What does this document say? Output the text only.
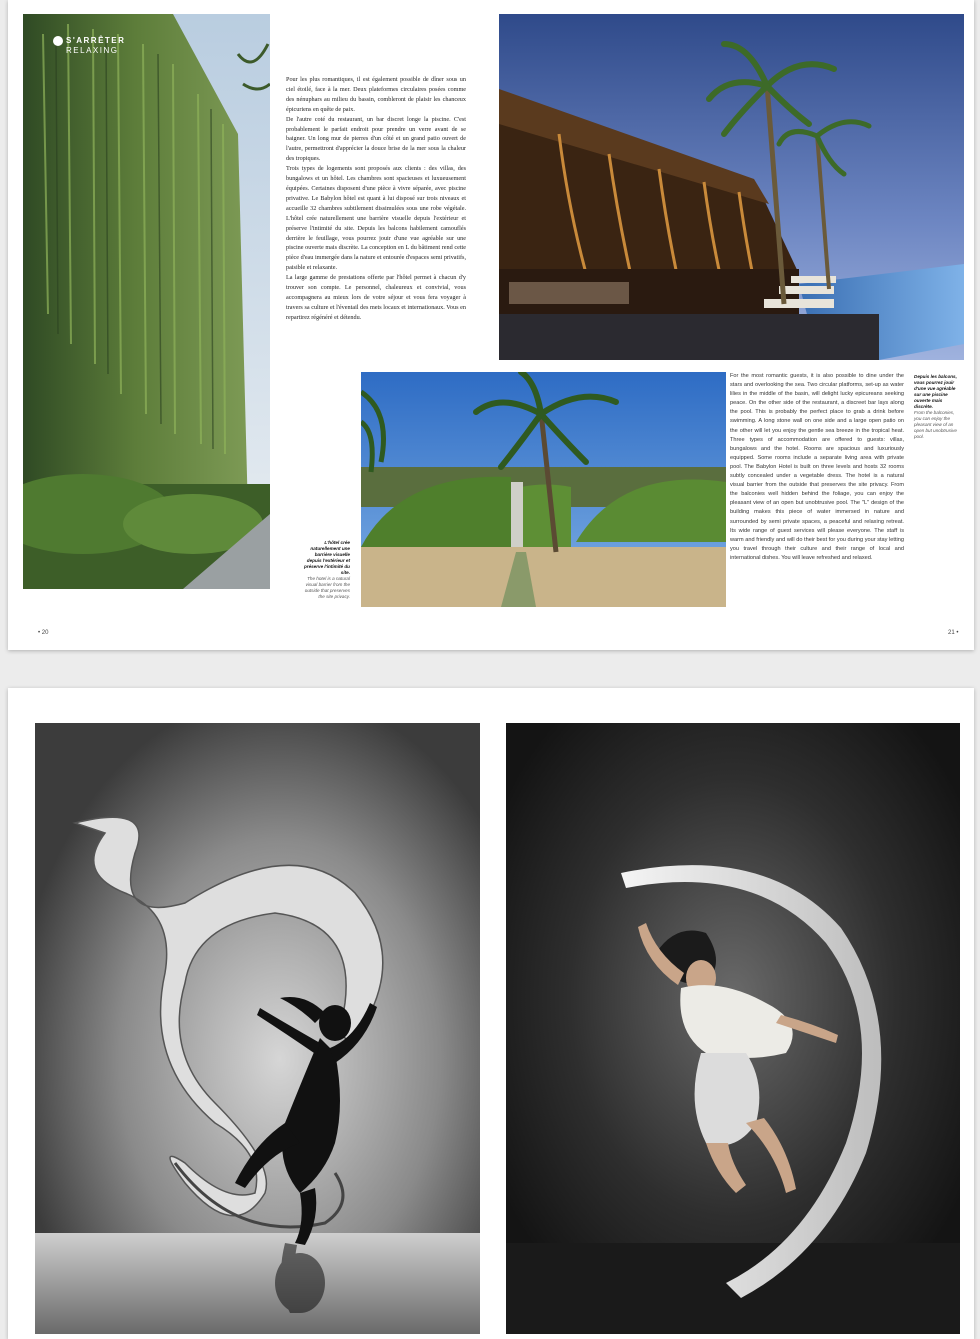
S'ARRÊTER
RELAXING

Pour les plus romantiques, il est également possible de dîner sous un ciel étoilé, face à la mer. Deux plateformes circulaires posées comme des nénuphars au milieu du bassin, combleront de plaisir les chanceux épicuriens en quête de paix.

De l'autre coté du restaurant, un bar discret longe la piscine. C'est probablement le parfait endroit pour prendre un verre avant de se baigner. Un long mur de pierres d'un côté et un grand patio ouvert de l'autre, permettront d'apprécier la douce brise de la mer sous la chaleur des tropiques.

Trois types de logements sont proposés aux clients : des villas, des bungalows et un hôtel. Les chambres sont spacieuses et luxueusement équipées. Certaines disposent d'une pièce à vivre séparée, avec piscine privative. Le Babylon hôtel est quant à lui disposé sur trois niveaux et accueille 32 chambres subtilement dissimulées sous une robe végétale. L'hôtel crée naturellement une barrière visuelle depuis l'extérieur et préserve l'intimité du site. Depuis les balcons habilement camouflés derrière le feuillage, vous pourrez jouir d'une vue agréable sur une piscine ouverte mais discrète. La conception en L du bâtiment rend cette pièce d'eau immergée dans la nature et entourée d'espaces semi privatifs, paisible et relaxante.

La large gamme de prestations offerte par l'hôtel permet à chacun d'y trouver son compte. Le personnel, chaleureux et convivial, vous accompagnera au mieux lors de votre séjour et vous fera voyager à travers sa culture et l'éventail des mets locaux et internationaux. Vous en repartirez régénéré et détendu.

L'hôtel crée naturellement une barrière visuelle depuis l'extérieur et préserve l'intimité du site.
The hotel is a natural visual barrier from the outside that preserves the site privacy.

For the most romantic guests, it is also possible to dine under the stars and overlooking the sea. Two circular platforms, set-up as water lilies in the middle of the basin, will delight lucky epicureans seeking peace. On the other side of the restaurant, a discreet bar lays along the pool. This is probably the perfect place to grab a drink before swimming. A long stone wall on one side and a large open patio on the other will let you enjoy the gentle sea breeze in the tropical heat. Three types of accommodation are offered to guests: villas, bungalows and the hotel. Rooms are spacious and luxuriously equipped. Some rooms include a separate living area with private pool. The Babylon Hotel is built on three levels and hosts 32 rooms subtly concealed under a vegetable dress. The hotel is a natural visual barrier from the outside that preserves the site privacy. From the balconies well hidden behind the foliage, you can enjoy the pleasant view of an open but unobtrusive pool. The "L" design of the building makes this piece of water immersed in nature and surrounded by semi private spaces, a peaceful and relaxing retreat. Its wide range of guest services will please everyone. The staff is warm and friendly and will do their best for you during your stay letting you travel through their culture and their range of local and international dishes. You will leave refreshed and relaxed.

Depuis les balcons, vous pourrez jouir d'une vue agréable sur une piscine ouverte mais discrète.
From the balconies, you can enjoy the pleasant view of an open but unobtrusive pool.
• 20	21 •
